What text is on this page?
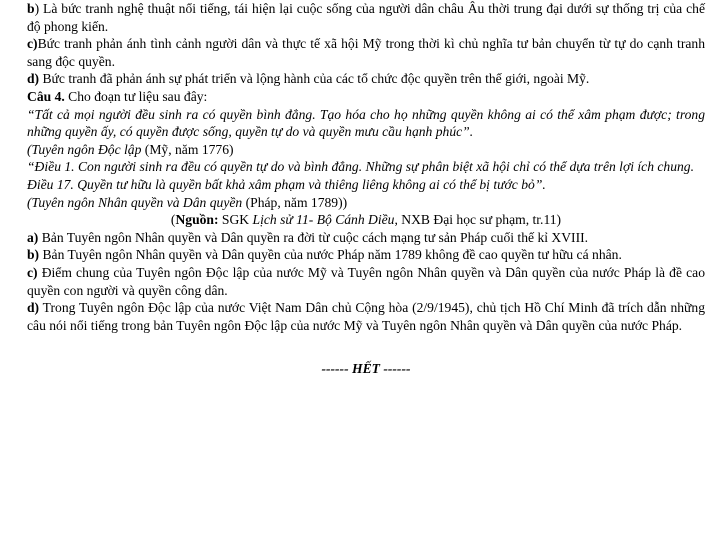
b) Là bức tranh nghệ thuật nổi tiếng, tái hiện lại cuộc sống của người dân châu Âu thời trung đại dưới sự thống trị của chế độ phong kiến.

c)Bức tranh phản ánh tình cảnh người dân và thực tế xã hội Mỹ trong thời kì chủ nghĩa tư bản chuyển từ tự do cạnh tranh sang độc quyền.

d) Bức tranh đã phản ánh sự phát triển và lộng hành của các tổ chức độc quyền trên thế giới, ngoài Mỹ.

Câu 4. Cho đoạn tư liệu sau đây:

“Tất cả mọi người đều sinh ra có quyền bình đẳng. Tạo hóa cho họ những quyền không ai có thể xâm phạm được; trong những quyền ấy, có quyền được sống, quyền tự do và quyền mưu cầu hạnh phúc”.

(Tuyên ngôn Độc lập (Mỹ, năm 1776)

“Điều 1. Con người sinh ra đều có quyền tự do và bình đẳng. Những sự phân biệt xã hội chỉ có thể dựa trên lợi ích chung.

Điều 17. Quyền tư hữu là quyền bất khả xâm phạm và thiêng liêng không ai có thể bị tước bỏ”.

(Tuyên ngôn Nhân quyền và Dân quyền (Pháp, năm 1789))

(Nguồn: SGK Lịch sử 11- Bộ Cánh Diều, NXB Đại học sư phạm, tr.11)

a) Bản Tuyên ngôn Nhân quyền và Dân quyền ra đời từ cuộc cách mạng tư sản Pháp cuối thế kỉ XVIII.

b) Bản Tuyên ngôn Nhân quyền và Dân quyền của nước Pháp năm 1789 không đề cao quyền tư hữu cá nhân.

c) Điểm chung của Tuyên ngôn Độc lập của nước Mỹ và Tuyên ngôn Nhân quyền và Dân quyền của nước Pháp là đề cao quyền con người và quyền công dân.

d) Trong Tuyên ngôn Độc lập của nước Việt Nam Dân chủ Cộng hòa (2/9/1945), chủ tịch Hồ Chí Minh đã trích dẫn những câu nói nổi tiếng trong bản Tuyên ngôn Độc lập của nước Mỹ và Tuyên ngôn Nhân quyền và Dân quyền của nước Pháp.

------ HẾT ------
